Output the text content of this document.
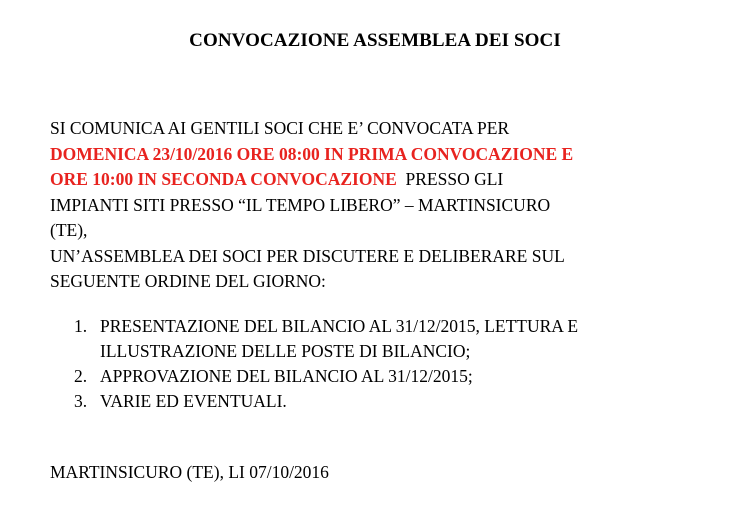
CONVOCAZIONE ASSEMBLEA DEI SOCI
SI COMUNICA AI GENTILI SOCI CHE E’ CONVOCATA PER
DOMENICA 23/10/2016 ORE 08:00 IN PRIMA CONVOCAZIONE E
ORE 10:00 IN SECONDA CONVOCAZIONE  PRESSO GLI
IMPIANTI SITI PRESSO “IL TEMPO LIBERO” – MARTINSICURO
(TE),
UN’ASSEMBLEA DEI SOCI PER DISCUTERE E DELIBERARE SUL
SEGUENTE ORDINE DEL GIORNO:
1. PRESENTAZIONE DEL BILANCIO AL 31/12/2015, LETTURA E
ILLUSTRAZIONE DELLE POSTE DI BILANCIO;
2. APPROVAZIONE DEL BILANCIO AL 31/12/2015;
3. VARIE ED EVENTUALI.
MARTINSICURO (TE), LI 07/10/2016
